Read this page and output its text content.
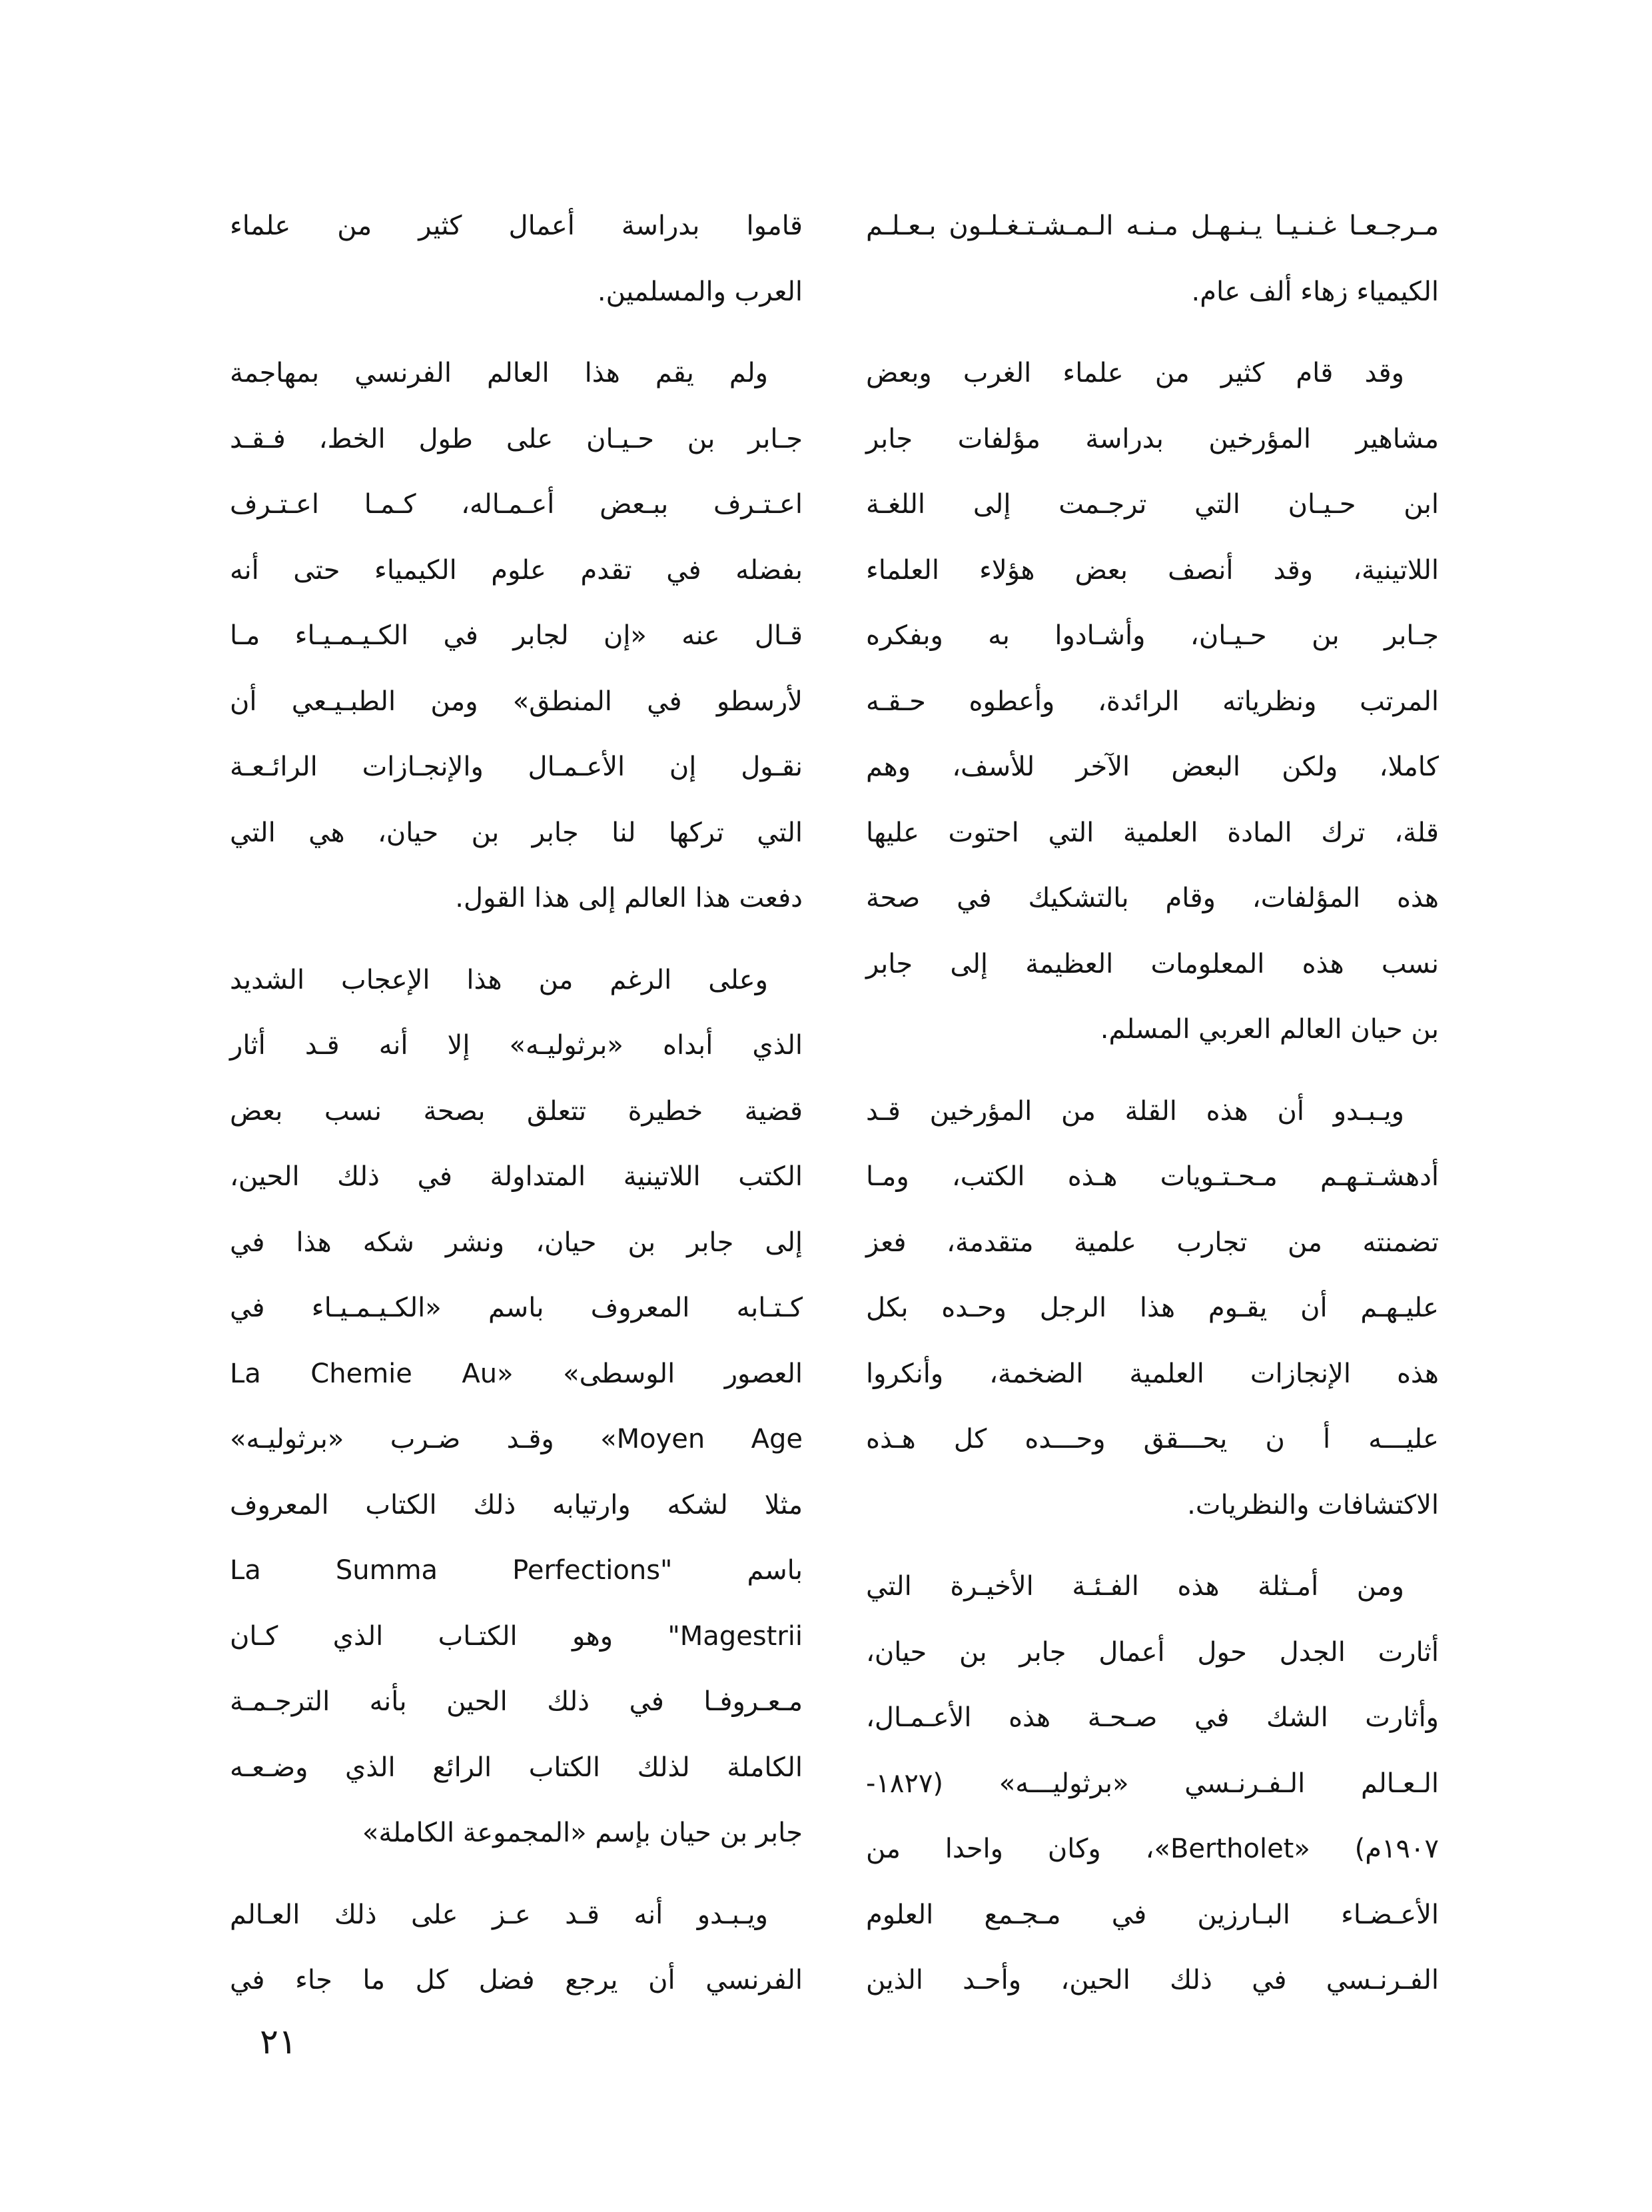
مـرجـعـا غـنـيـا يـنـهـل مـنـه الـمـشـتـغـلـون بـعـلـم
الكيمياء زهاء ألف عام.

وقد قام كثير من علماء الغرب وبعض
مشاهير المؤرخين بدراسة مؤلفات جابر
ابن حـيـان التي ترجـمت إلى اللغـة
اللاتينية، وقد أنصف بعض هؤلاء العلماء
جـابر بن حـيـان، وأشـادوا به وبفكره
المرتب ونظرياته الرائدة، وأعطوه حـقـه
كاملا، ولكن البعض الآخر للأسف، وهم
قلة، ترك المادة العلمية التي احتوت عليها
هذه المؤلفات، وقام بالتشكيك في صحة
نسب هذه المعلومات العظيمة إلى جابر
بن حيان العالم العربي المسلم.

ويـبـدو أن هذه القلة من المؤرخين قـد
أدهشـتـهـم مـحـتـويات هـذه الكتب، ومـا
تضمنته من تجارب علمية متقدمة، فعز
عليـهـم أن يقـوم هذا الرجل وحـده بكل
هذه الإنجازات العلمية الضخمة، وأنكروا
عليـــه أ ن يحـــقق وحـــده كل هـذه
الاكتشافات والنظريات.

ومن أمـثلة هذه الفـئـة الأخيـرة التي
أثارت الجدل حول أعمال جابر بن حيان،
وأثارت الشك في صـحـة هذه الأعـمـال،
الـعـالم الـفـرنـسي «برثوليـــه» (١٨٢٧-
١٩٠٧م) «Bertholet»، وكان واحدا من
الأعـضـاء البـارزين في مـجـمع العلوم
الفـرنـسي في ذلك الحين، وأحـد الذين

قاموا بدراسة أعمال كثير من علماء
العرب والمسلمين.

ولم يقم هذا العالم الفرنسي بمهاجمة
جـابر بن حـيـان على طول الخط، فـقـد
اعـتـرف ببـعض أعـمـاله، كـمـا اعـتـرف
بفضله في تقدم علوم الكيمياء حتى أنه
قـال عنه «إن لجابر في الكـيـمـيـاء مـا
لأرسطو في المنطق» ومن الطبـيـعي أن
نقـول إن الأعـمـال والإنجـازات الرائـعـة
التي تركها لنا جابر بن حيان، هي التي
دفعت هذا العالم إلى هذا القول.

وعلى الرغم من هذا الإعجاب الشديد
الذي أبداه «برثوليـه» إلا أنه قـد أثار
قضية خطيرة تتعلق بصحة نسب بعض
الكتب اللاتينية المتداولة في ذلك الحين،
إلى جابر بن حيان، ونشر شكه هذا في
كـتـابه المعروف باسم «الكـيـمـيـاء في
العصور الوسطى» «La Chemie Au
Moyen Age» وقـد ضـرب «برثوليـه»
مثلا لشكه وارتيابه ذلك الكتاب المعروف
باسم "La Summa Perfections
Magestrii" وهو الكتـاب الذي كـان
مـعـروفـا في ذلك الحين بأنه الترجـمـة
الكاملة لذلك الكتاب الرائع الذي وضـعـه
جابر بن حيان بإسم «المجموعة الكاملة»

ويـبـدو أنه قـد عـز على ذلك العـالم
الفرنسي أن يرجع فضل كل ما جاء في

٢١
